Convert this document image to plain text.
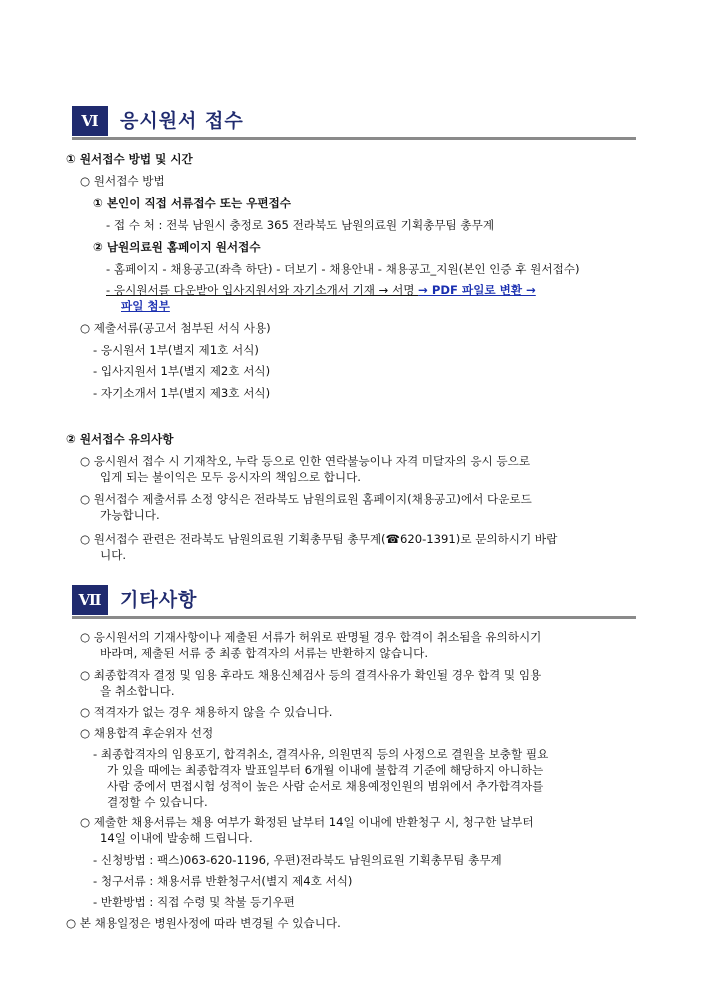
Ⅵ	응시원서 접수
① 원서접수 방법 및 시간
○ 원서접수 방법
① 본인이 직접 서류접수 또는 우편접수
- 접 수 처 : 전북 남원시 충정로 365 전라북도 남원의료원 기획총무팀 총무계
② 남원의료원 홈페이지 원서접수
- 홈페이지 - 채용공고(좌측 하단) - 더보기 - 채용안내 - 채용공고_지원(본인 인증 후 원서접수)
- 응시원서를 다운받아 입사지원서와 자기소개서 기재 → 서명 → PDF 파일로 변환 →
파일 첨부
○ 제출서류(공고서 첨부된 서식 사용)
- 응시원서 1부(별지 제1호 서식)
- 입사지원서 1부(별지 제2호 서식)
- 자기소개서 1부(별지 제3호 서식)
② 원서접수 유의사항
○ 응시원서 접수 시 기재착오, 누락 등으로 인한 연락불능이나 자격 미달자의 응시 등으로
입게 되는 불이익은 모두 응시자의 책임으로 합니다.
○ 원서접수 제출서류 소정 양식은 전라북도 남원의료원 홈페이지(채용공고)에서 다운로드
가능합니다.
○ 원서접수 관련은 전라북도 남원의료원 기획총무팀 총무계(☎620-1391)로 문의하시기 바랍
니다.
Ⅶ 기타사항
○ 응시원서의 기재사항이나 제출된 서류가 허위로 판명될 경우 합격이 취소됨을 유의하시기
바라며, 제출된 서류 중 최종 합격자의 서류는 반환하지 않습니다.
○ 최종합격자 결정 및 임용 후라도 채용신체검사 등의 결격사유가 확인될 경우 합격 및 임용
을 취소합니다.
○ 적격자가 없는 경우 채용하지 않을 수 있습니다.
○ 채용합격 후순위자 선정
- 최종합격자의 임용포기, 합격취소, 결격사유, 의원면직 등의 사정으로 결원을 보충할 필요
가 있을 때에는 최종합격자 발표일부터 6개월 이내에 불합격 기준에 해당하지 아니하는
사람 중에서 면접시험 성적이 높은 사람 순서로 채용예정인원의 범위에서 추가합격자를
결정할 수 있습니다.
○ 제출한 채용서류는 채용 여부가 확정된 날부터 14일 이내에 반환청구 시, 청구한 날부터
14일 이내에 발송해 드립니다.
- 신청방법 : 팩스)063-620-1196, 우편)전라북도 남원의료원 기획총무팀 총무계
- 청구서류 : 채용서류 반환청구서(별지 제4호 서식)
- 반환방법 : 직접 수령 및 착불 등기우편
○ 본 채용일정은 병원사정에 따라 변경될 수 있습니다.
